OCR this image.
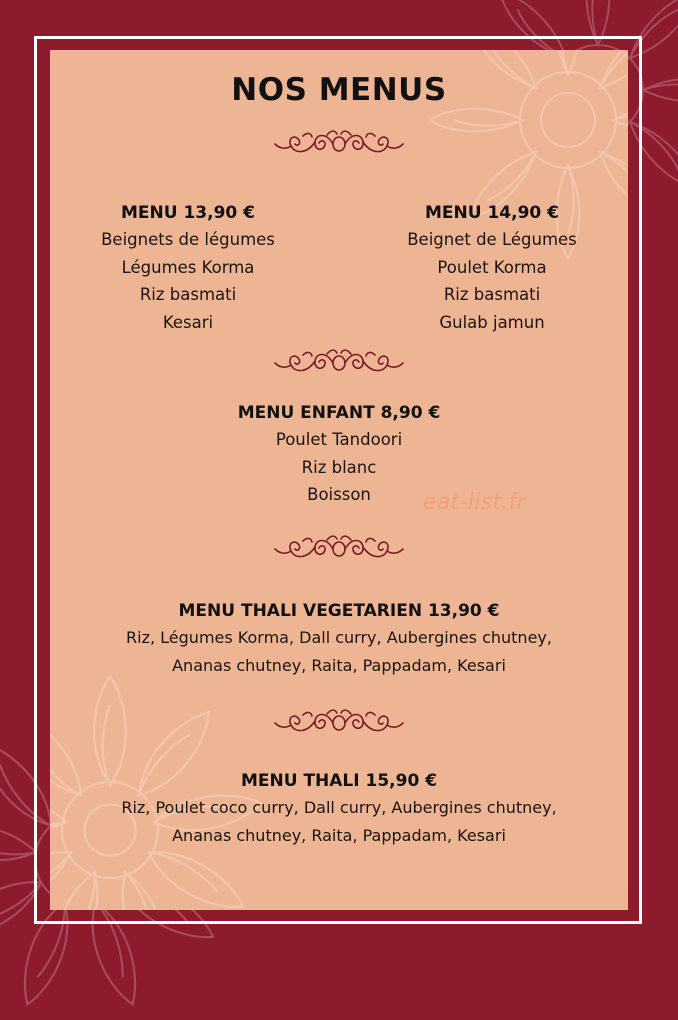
NOS MENUS
MENU 13,90 €
Beignets de légumes
Légumes Korma
Riz basmati
Kesari
MENU 14,90 €
Beignet de Légumes
Poulet Korma
Riz basmati
Gulab jamun
MENU ENFANT 8,90 €
Poulet Tandoori
Riz blanc
Boisson	eat-list.fr
MENU THALI VEGETARIEN 13,90 €
Riz, Légumes Korma, Dall curry, Aubergines chutney,
Ananas chutney, Raita, Pappadam, Kesari
MENU THALI 15,90 €
Riz, Poulet coco curry, Dall curry, Aubergines chutney,
Ananas chutney, Raita, Pappadam, Kesari
